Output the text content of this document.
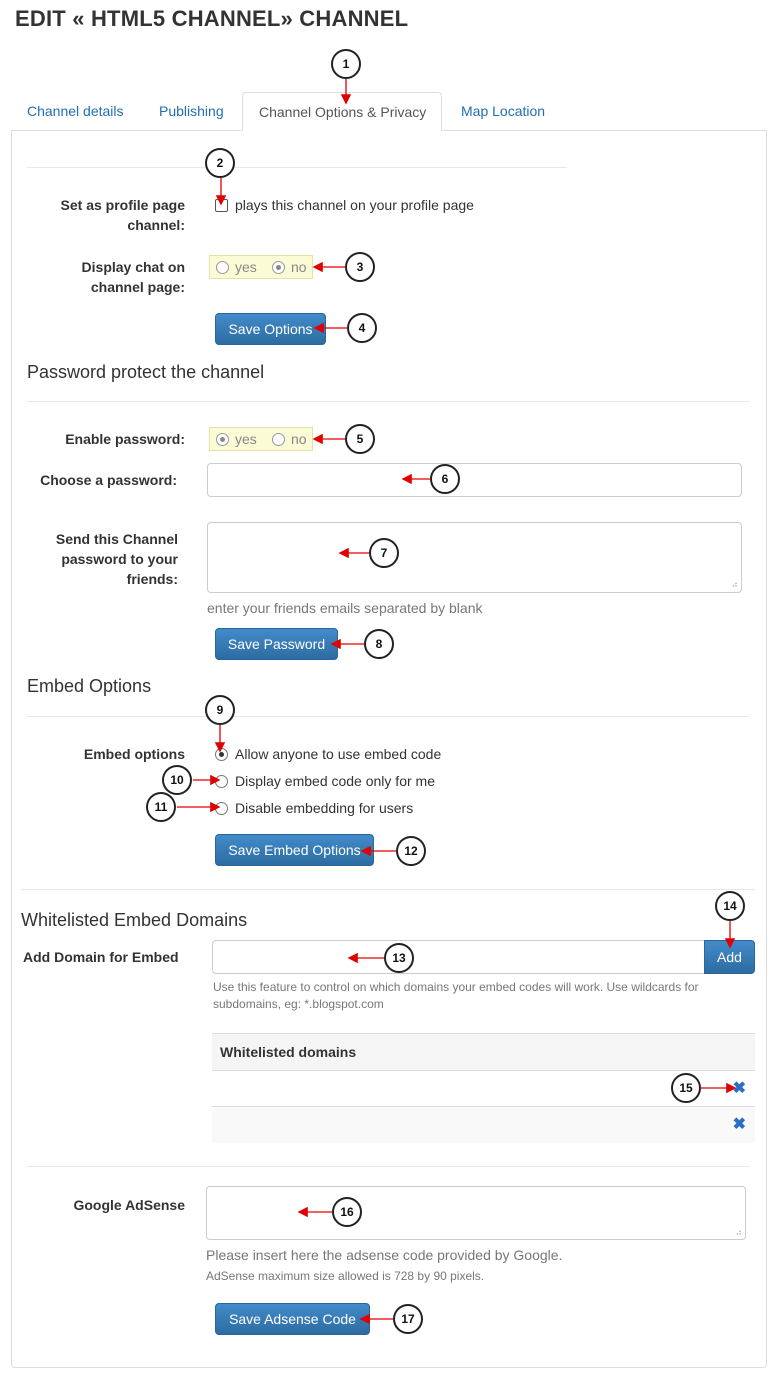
EDIT « HTML5 CHANNEL» CHANNEL
Channel details	Publishing	Channel Options & Privacy	Map Location
Set as profile page channel:
plays this channel on your profile page
Display chat on channel page:
yes no
Save Options
Password protect the channel
Enable password:	yes no
Choose a password:
Send this Channel password to your friends:	⠴
enter your friends emails separated by blank
Save Password
Embed Options
Embed options	Allow anyone to use embed code
Display embed code only for me
Disable embedding for users
Save Embed Options
Whitelisted Embed Domains
Add Domain for Embed	Add
Use this feature to control on which domains your embed codes will work. Use wildcards for subdomains, eg: *.blogspot.com
Whitelisted domains
✖
✖
Google AdSense
⠴
Please insert here the adsense code provided by Google.
AdSense maximum size allowed is 728 by 90 pixels.
Save Adsense Code
1
2
3
4
5
6
7
8
9
10
11
12
13
14
15
16
17
